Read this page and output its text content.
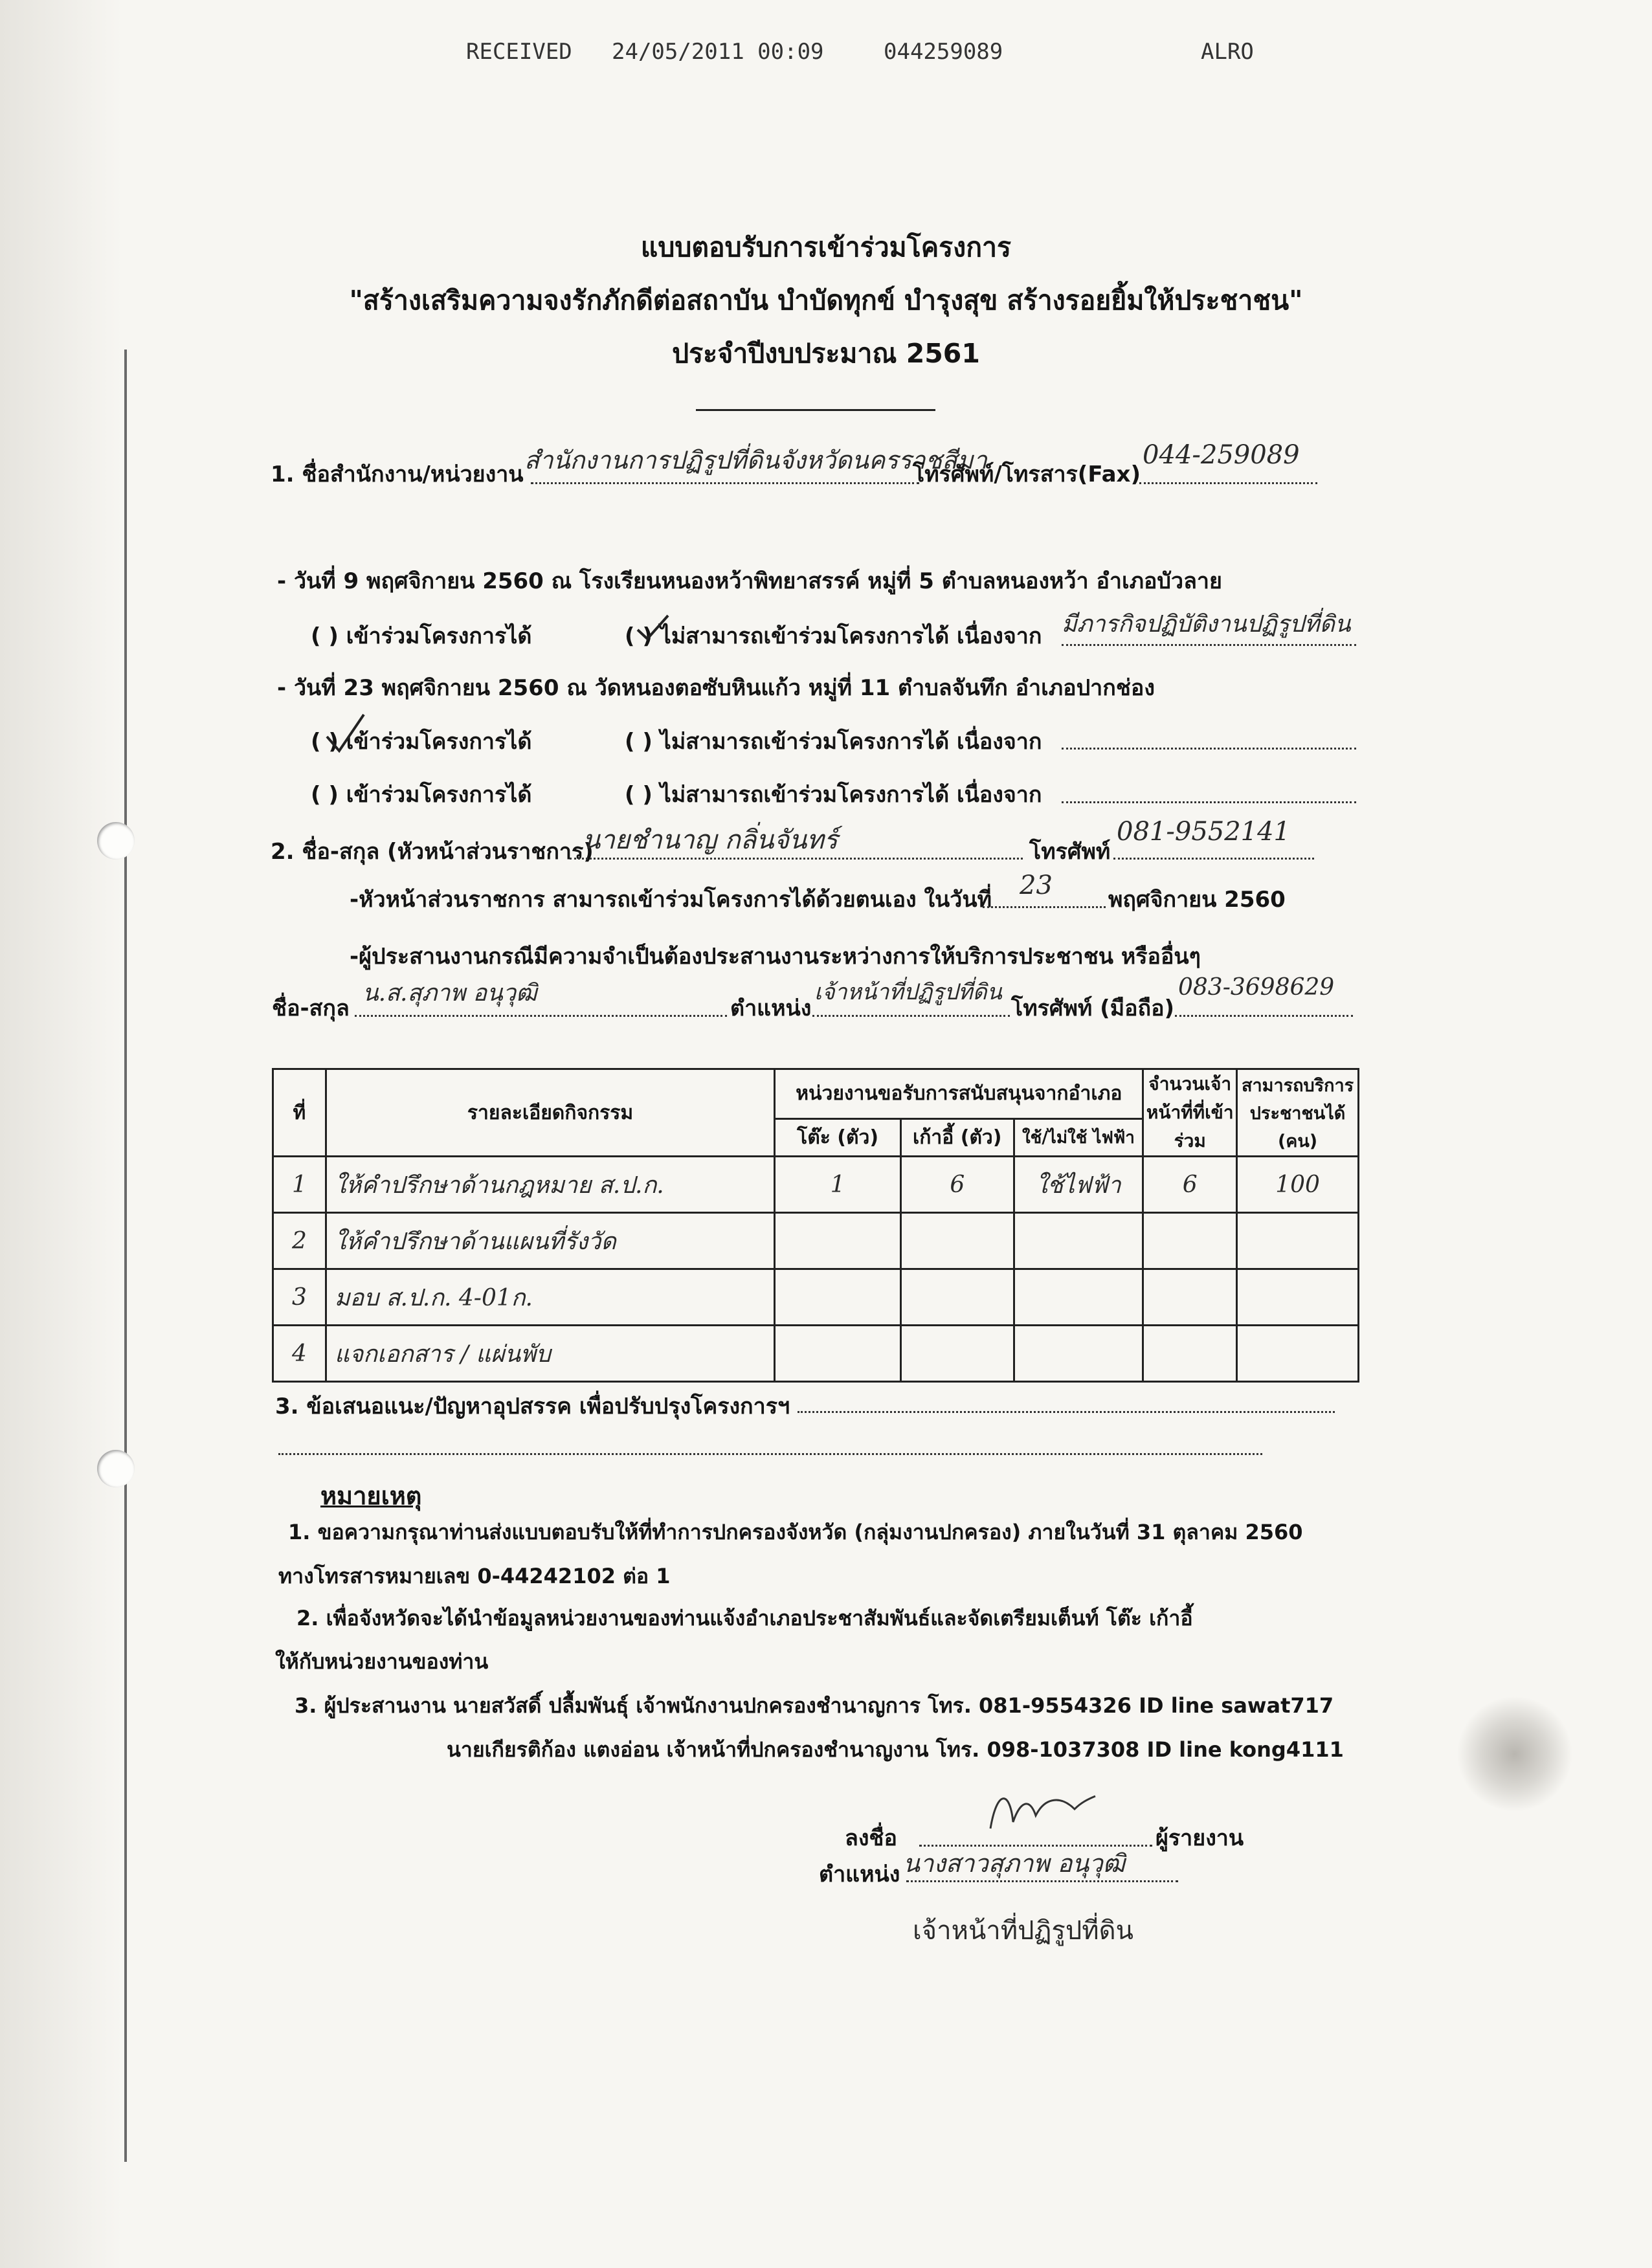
RECEIVED

24/05/2011 00:09

	044259089

	ALRO

แบบตอบรับการเข้าร่วมโครงการ
"สร้างเสริมความจงรักภักดีต่อสถาบัน บำบัดทุกข์ บำรุงสุข สร้างรอยยิ้มให้ประชาชน"
ประจำปีงบประมาณ 2561
1. ชื่อสำนักงาน/หน่วยงาน สำนักงานการปฏิรูปที่ดินจังหวัดนครราชสีมา
โทรศัพท์/โทรสาร(Fax)
044-259089
- วันที่ 9 พฤศจิกายน 2560 ณ โรงเรียนหนองหว้าพิทยาสรรค์ หมู่ที่ 5 ตำบลหนองหว้า อำเภอบัวลาย
( ) เข้าร่วมโครงการได้	( ) ไม่สามารถเข้าร่วมโครงการได้ เนื่องจาก มีภารกิจปฏิบัติงานปฏิรูปที่ดิน
- วันที่ 23 พฤศจิกายน 2560 ณ วัดหนองตอซับหินแก้ว หมู่ที่ 11 ตำบลจันทึก อำเภอปากช่อง
( ) เข้าร่วมโครงการได้	( ) ไม่สามารถเข้าร่วมโครงการได้ เนื่องจาก
( ) เข้าร่วมโครงการได้	( ) ไม่สามารถเข้าร่วมโครงการได้ เนื่องจาก
2. ชื่อ-สกุล (หัวหน้าส่วนราชการ)
นายชำนาญ กลิ่นจันทร์	โทรศัพท์
081-9552141
-หัวหน้าส่วนราชการ สามารถเข้าร่วมโครงการได้ด้วยตนเอง ในวันที่ 23	พฤศจิกายน 2560
-ผู้ประสานงานกรณีมีความจำเป็นต้องประสานงานระหว่างการให้บริการประชาชน หรืออื่นๆ
ชื่อ-สกุล
น.ส.สุภาพ อนุวุฒิ
ตำแหน่ง
เจ้าหน้าที่ปฏิรูปที่ดิน
โทรศัพท์ (มือถือ)
083-3698629
ที่	รายละเอียดกิจกรรม	หน่วยงานขอรับการสนับสนุนจากอำเภอ			จำนวนเจ้าหน้าที่ที่เข้าร่วม	สามารถบริการประชาชนได้ (คน)
		โต๊ะ (ตัว)	เก้าอี้ (ตัว)	ใช้/ไม่ใช้ ไฟฟ้า		
1	ให้คำปรึกษาด้านกฎหมาย ส.ป.ก.	1	6	ใช้ไฟฟ้า	6	100
2	ให้คำปรึกษาด้านแผนที่รังวัด					
3	มอบ ส.ป.ก. 4-01ก.					
4	แจกเอกสาร / แผ่นพับ					
3. ข้อเสนอแนะ/ปัญหาอุปสรรค เพื่อปรับปรุงโครงการฯ
หมายเหตุ
1. ขอความกรุณาท่านส่งแบบตอบรับให้ที่ทำการปกครองจังหวัด (กลุ่มงานปกครอง) ภายในวันที่ 31 ตุลาคม 2560
ทางโทรสารหมายเลข 0-44242102 ต่อ 1
2. เพื่อจังหวัดจะได้นำข้อมูลหน่วยงานของท่านแจ้งอำเภอประชาสัมพันธ์และจัดเตรียมเต็นท์ โต๊ะ เก้าอี้
ให้กับหน่วยงานของท่าน
3. ผู้ประสานงาน นายสวัสดิ์ ปลื้มพันธุ์ เจ้าพนักงานปกครองชำนาญการ โทร. 081-9554326 ID line sawat717
นายเกียรติก้อง แตงอ่อน เจ้าหน้าที่ปกครองชำนาญงาน โทร. 098-1037308 ID line kong4111
ลงชื่อ	ผู้รายงาน
ตำแหน่ง นางสาวสุภาพ อนุวุฒิ
เจ้าหน้าที่ปฏิรูปที่ดิน
